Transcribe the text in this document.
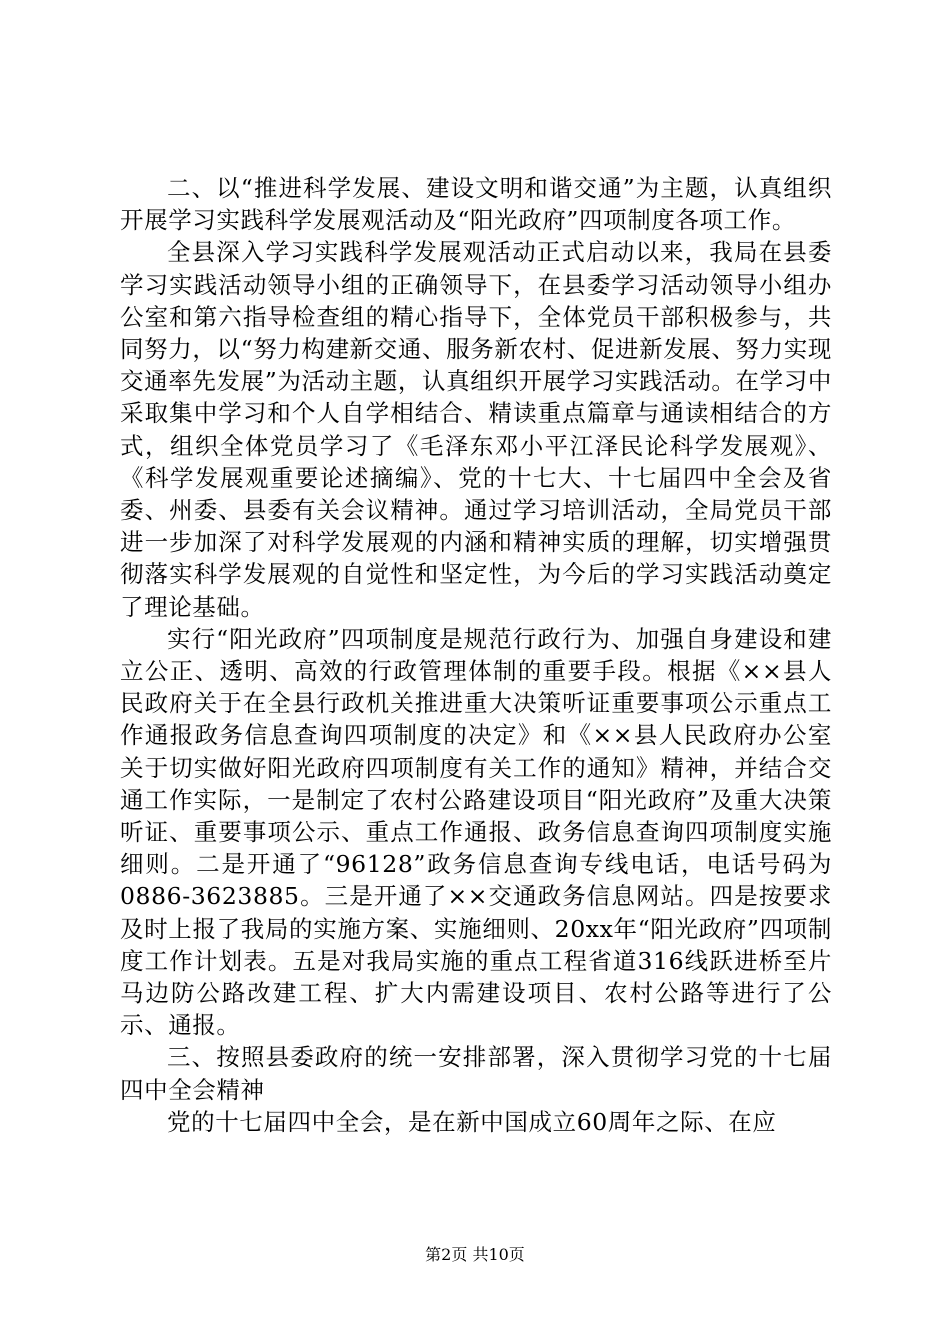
二、以“推进科学发展、建设文明和谐交通”为主题，认真组织开展学习实践科学发展观活动及“阳光政府”四项制度各项工作。

全县深入学习实践科学发展观活动正式启动以来，我局在县委学习实践活动领导小组的正确领导下，在县委学习活动领导小组办公室和第六指导检查组的精心指导下，全体党员干部积极参与，共同努力，以“努力构建新交通、服务新农村、促进新发展、努力实现交通率先发展”为活动主题，认真组织开展学习实践活动。在学习中采取集中学习和个人自学相结合、精读重点篇章与通读相结合的方式，组织全体党员学习了《毛泽东邓小平江泽民论科学发展观》、《科学发展观重要论述摘编》、党的十七大、十七届四中全会及省委、州委、县委有关会议精神。通过学习培训活动，全局党员干部进一步加深了对科学发展观的内涵和精神实质的理解，切实增强贯彻落实科学发展观的自觉性和坚定性，为今后的学习实践活动奠定了理论基础。

实行“阳光政府”四项制度是规范行政行为、加强自身建设和建立公正、透明、高效的行政管理体制的重要手段。根据《××县人民政府关于在全县行政机关推进重大决策听证重要事项公示重点工作通报政务信息查询四项制度的决定》和《××县人民政府办公室关于切实做好阳光政府四项制度有关工作的通知》精神，并结合交通工作实际，一是制定了农村公路建设项目“阳光政府”及重大决策听证、重要事项公示、重点工作通报、政务信息查询四项制度实施细则。二是开通了“96128”政务信息查询专线电话，电话号码为0886-3623885。三是开通了××交通政务信息网站。四是按要求及时上报了我局的实施方案、实施细则、20xx年“阳光政府”四项制度工作计划表。五是对我局实施的重点工程省道316线跃进桥至片马边防公路改建工程、扩大内需建设项目、农村公路等进行了公示、通报。

三、按照县委政府的统一安排部署，深入贯彻学习党的十七届四中全会精神

党的十七届四中全会，是在新中国成立60周年之际、在应

第2页 共10页
